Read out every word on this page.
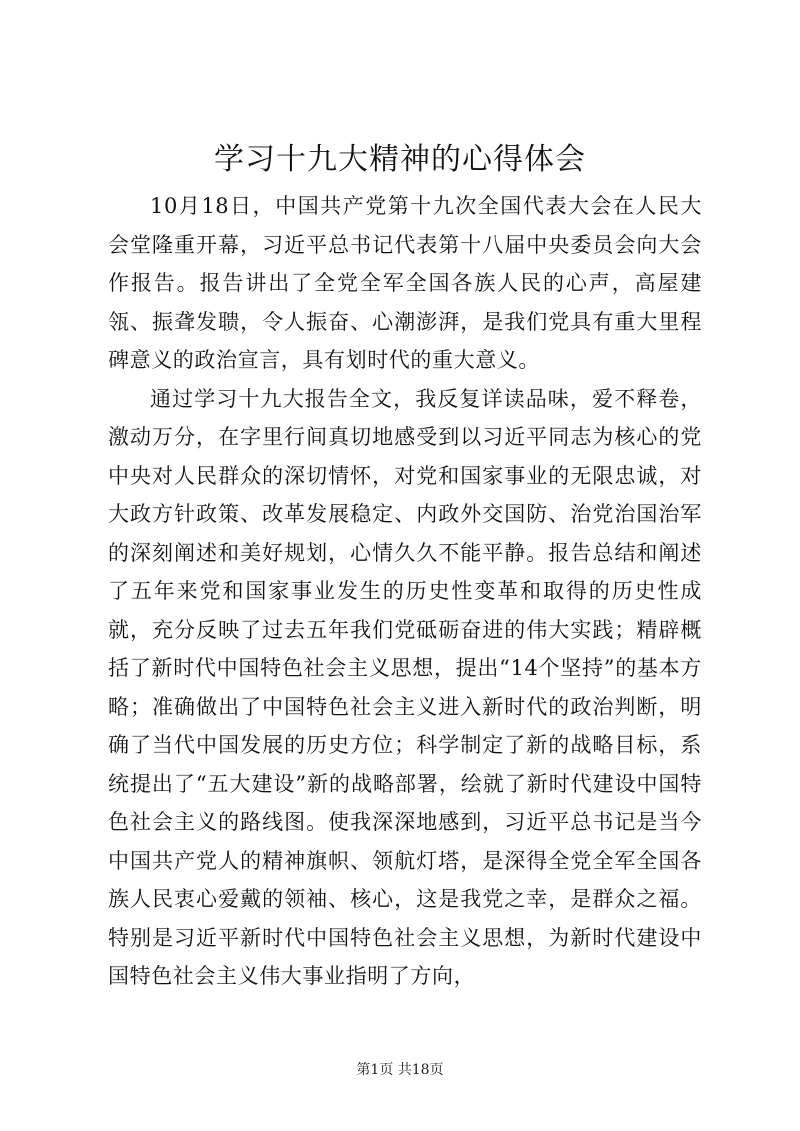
学习十九大精神的心得体会

10月18日，中国共产党第十九次全国代表大会在人民大会堂隆重开幕，习近平总书记代表第十八届中央委员会向大会作报告。报告讲出了全党全军全国各族人民的心声，高屋建瓴、振聋发聩，令人振奋、心潮澎湃，是我们党具有重大里程碑意义的政治宣言，具有划时代的重大意义。

通过学习十九大报告全文，我反复详读品味，爱不释卷，激动万分，在字里行间真切地感受到以习近平同志为核心的党中央对人民群众的深切情怀，对党和国家事业的无限忠诚，对大政方针政策、改革发展稳定、内政外交国防、治党治国治军的深刻阐述和美好规划，心情久久不能平静。报告总结和阐述了五年来党和国家事业发生的历史性变革和取得的历史性成就，充分反映了过去五年我们党砥砺奋进的伟大实践；精辟概括了新时代中国特色社会主义思想，提出“14个坚持”的基本方略；准确做出了中国特色社会主义进入新时代的政治判断，明确了当代中国发展的历史方位；科学制定了新的战略目标，系统提出了“五大建设”新的战略部署，绘就了新时代建设中国特色社会主义的路线图。使我深深地感到，习近平总书记是当今中国共产党人的精神旗帜、领航灯塔，是深得全党全军全国各族人民衷心爱戴的领袖、核心，这是我党之幸，是群众之福。特别是习近平新时代中国特色社会主义思想，为新时代建设中国特色社会主义伟大事业指明了方向，

第1页 共18页
